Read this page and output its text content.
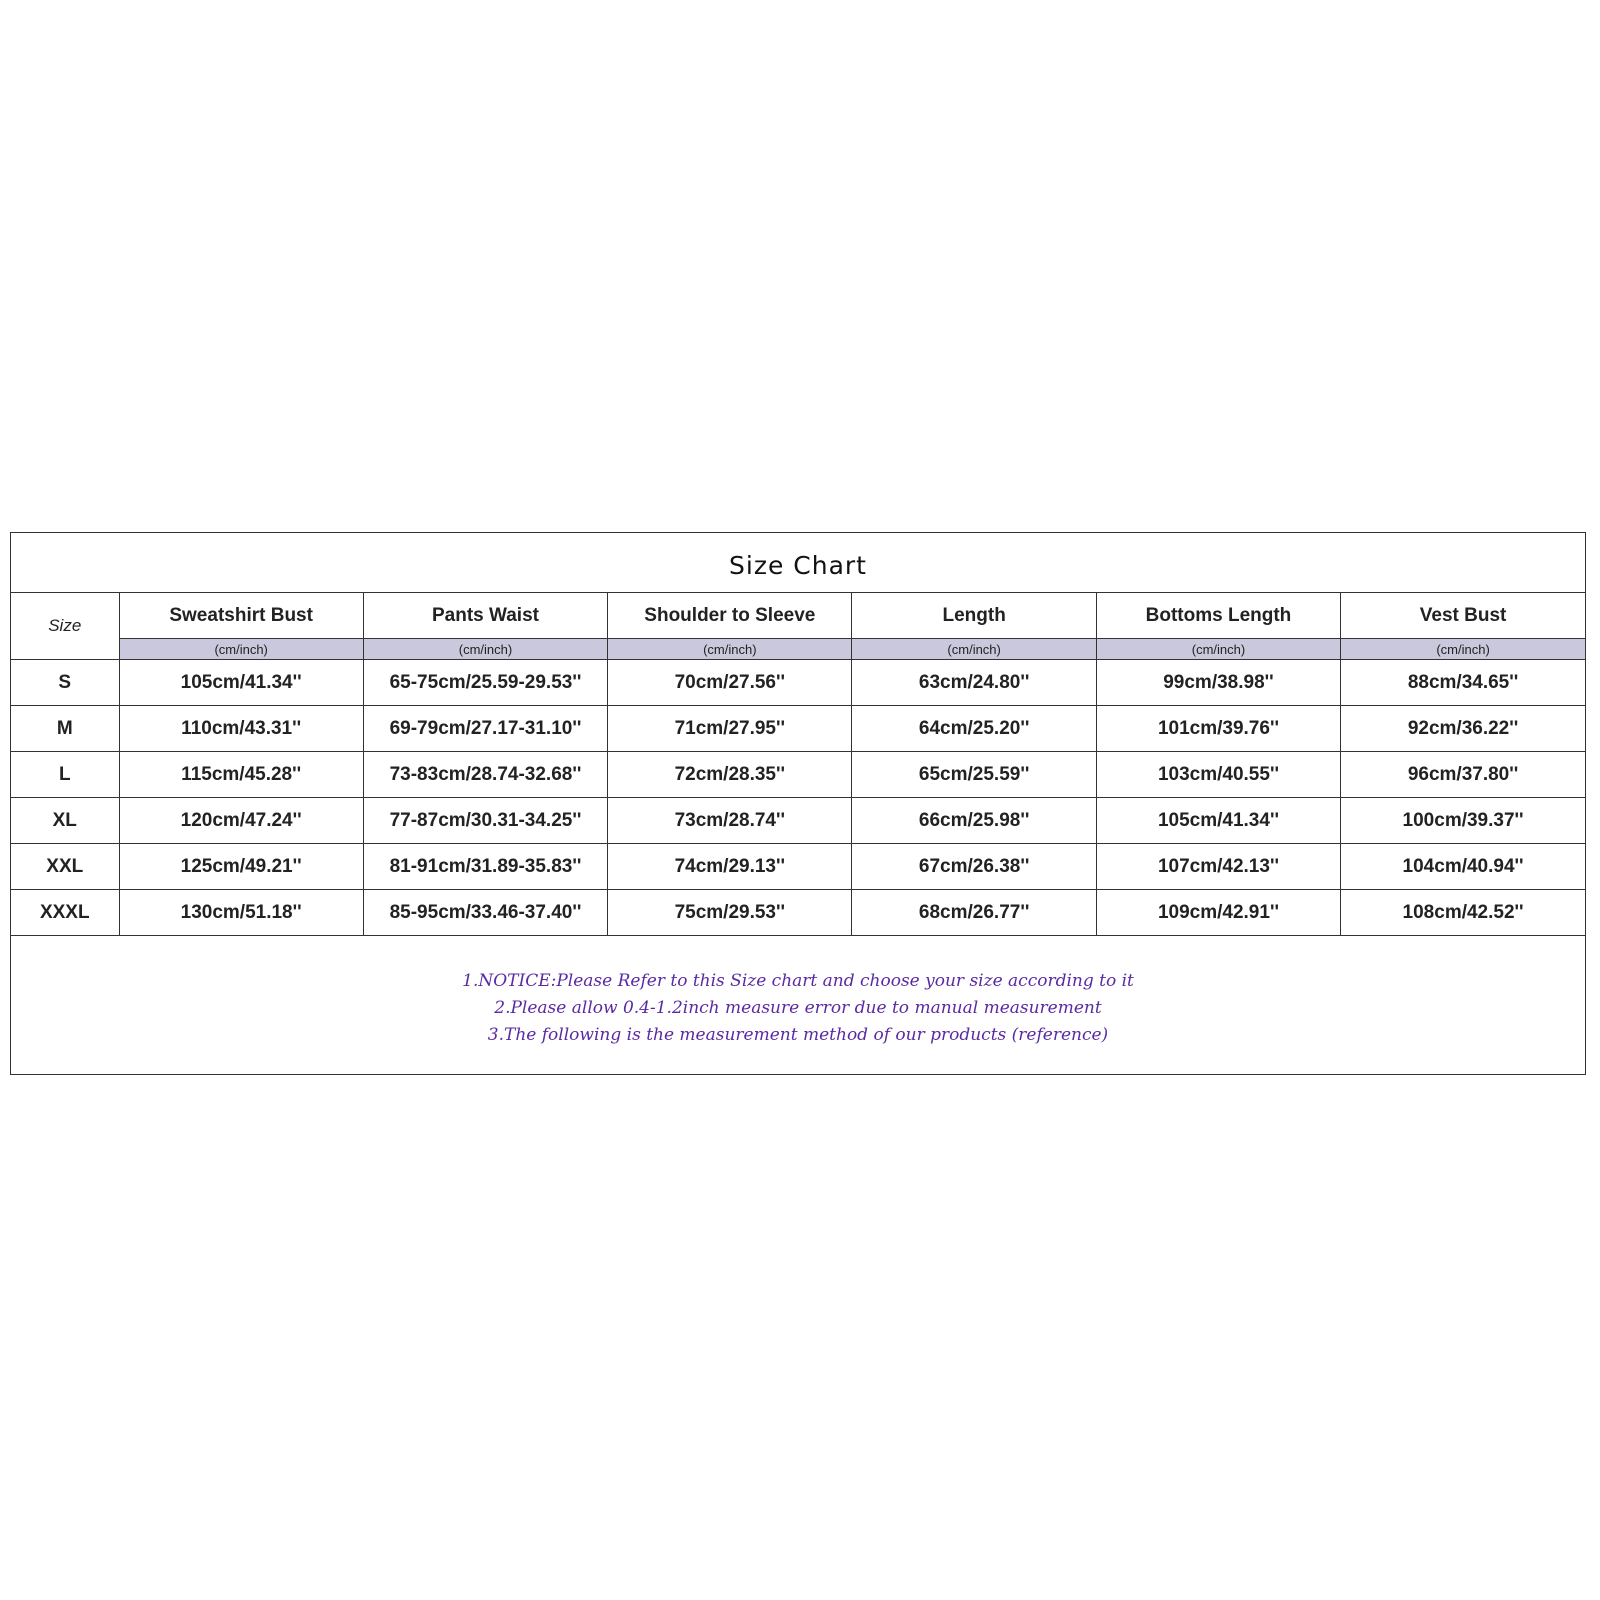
Size Chart
Size	Sweatshirt Bust	Pants Waist	Shoulder to Sleeve	Length	Bottoms Length	Vest Bust
	(cm/inch)	(cm/inch)	(cm/inch)	(cm/inch)	(cm/inch)	(cm/inch)
S	105cm/41.34''	65-75cm/25.59-29.53''	70cm/27.56''	63cm/24.80''	99cm/38.98''	88cm/34.65''
M	110cm/43.31''	69-79cm/27.17-31.10''	71cm/27.95''	64cm/25.20''	101cm/39.76''	92cm/36.22''
L	115cm/45.28''	73-83cm/28.74-32.68''	72cm/28.35''	65cm/25.59''	103cm/40.55''	96cm/37.80''
XL	120cm/47.24''	77-87cm/30.31-34.25''	73cm/28.74''	66cm/25.98''	105cm/41.34''	100cm/39.37''
XXL	125cm/49.21''	81-91cm/31.89-35.83''	74cm/29.13''	67cm/26.38''	107cm/42.13''	104cm/40.94''
XXXL	130cm/51.18''	85-95cm/33.46-37.40''	75cm/29.53''	68cm/26.77''	109cm/42.91''	108cm/42.52''
1.NOTICE:Please Refer to this Size chart and choose your size according to it
2.Please allow 0.4-1.2inch measure error due to manual measurement
3.The following is the measurement method of our products (reference)
